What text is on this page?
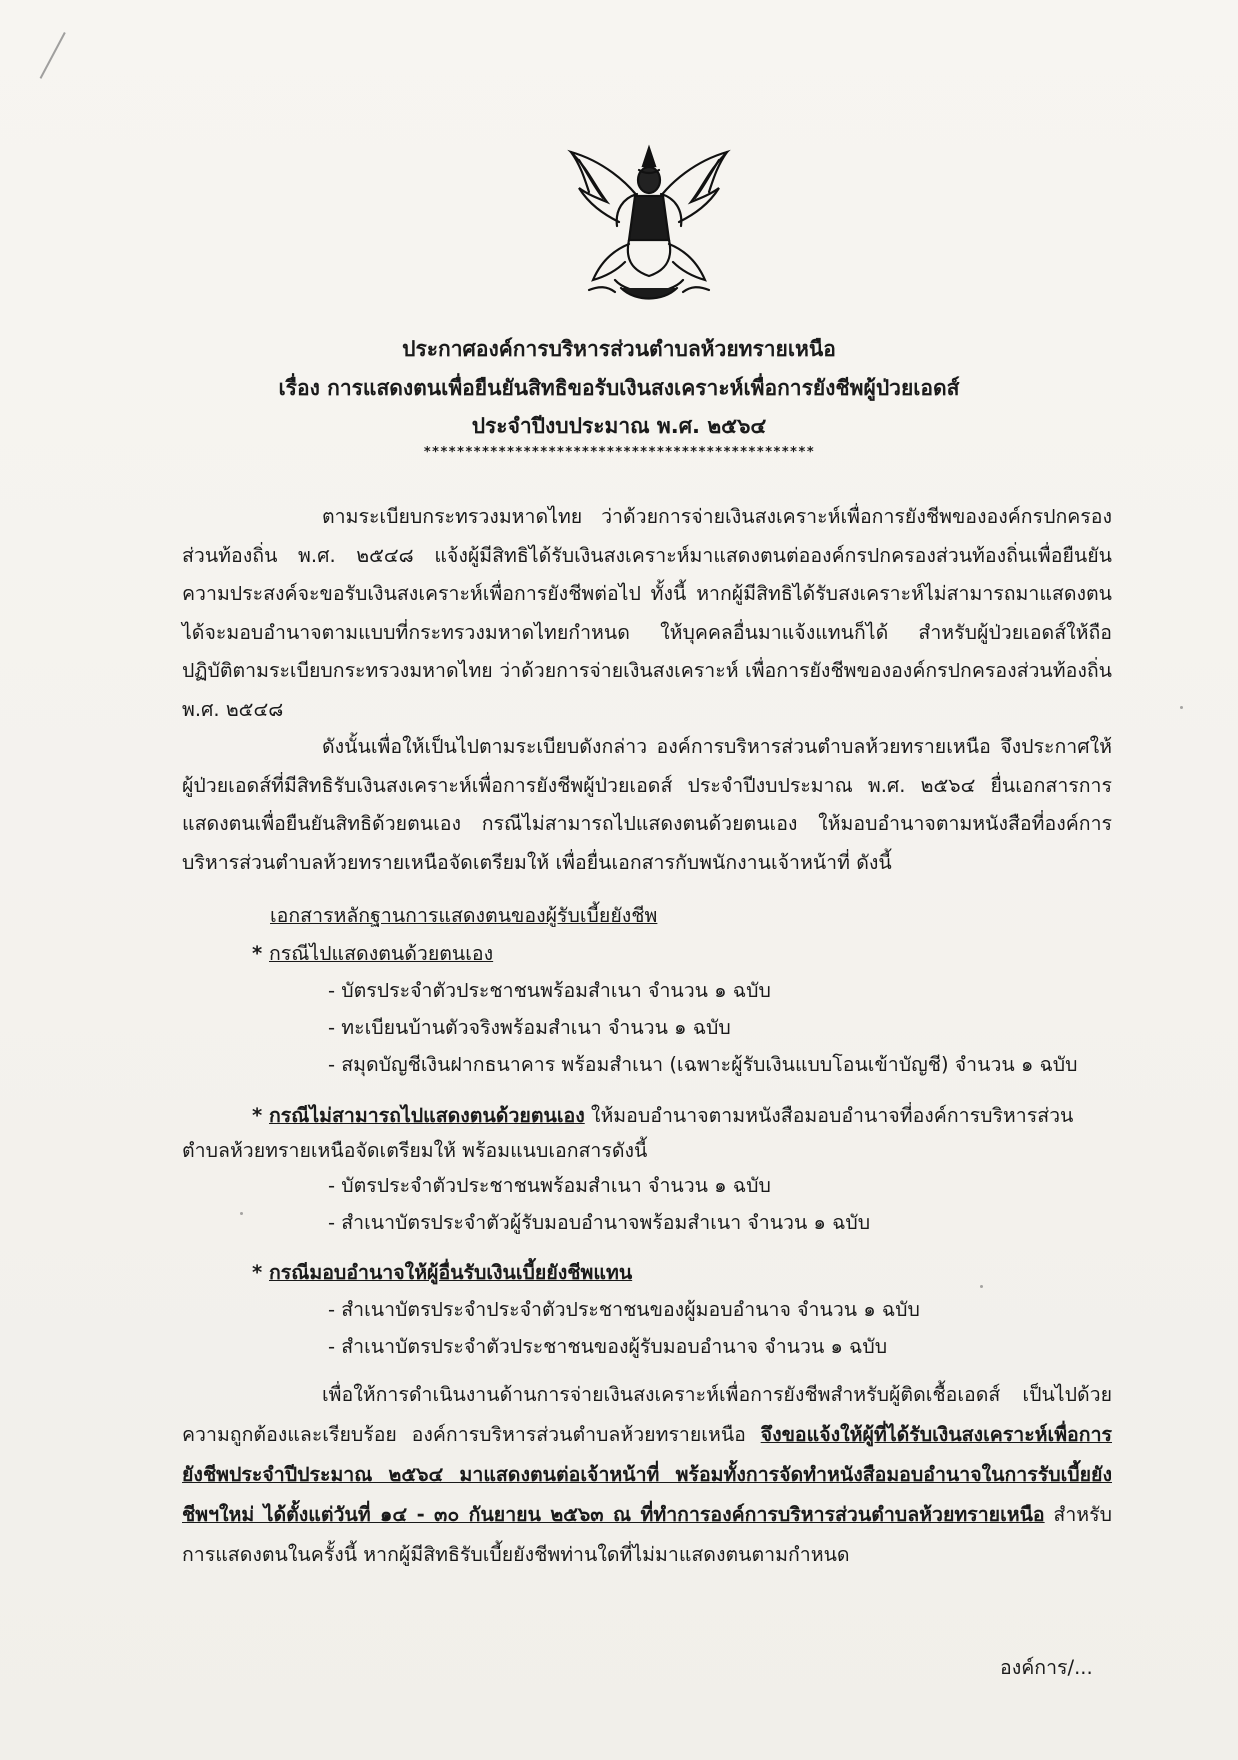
ประกาศองค์การบริหารส่วนตำบลห้วยทรายเหนือ
เรื่อง การแสดงตนเพื่อยืนยันสิทธิขอรับเงินสงเคราะห์เพื่อการยังชีพผู้ป่วยเอดส์
ประจำปีงบประมาณ พ.ศ. ๒๕๖๔
***********************************************
ตามระเบียบกระทรวงมหาดไทย ว่าด้วยการจ่ายเงินสงเคราะห์เพื่อการยังชีพขององค์กรปกครองส่วนท้องถิ่น พ.ศ. ๒๕๔๘ แจ้งผู้มีสิทธิได้รับเงินสงเคราะห์มาแสดงตนต่อองค์กรปกครองส่วนท้องถิ่นเพื่อยืนยันความประสงค์จะขอรับเงินสงเคราะห์เพื่อการยังชีพต่อไป ทั้งนี้ หากผู้มีสิทธิได้รับสงเคราะห์ไม่สามารถมาแสดงตนได้จะมอบอำนาจตามแบบที่กระทรวงมหาดไทยกำหนด ให้บุคคลอื่นมาแจ้งแทนก็ได้ สำหรับผู้ป่วยเอดส์ให้ถือปฏิบัติตามระเบียบกระทรวงมหาดไทย ว่าด้วยการจ่ายเงินสงเคราะห์ เพื่อการยังชีพขององค์กรปกครองส่วนท้องถิ่น พ.ศ. ๒๕๔๘
ดังนั้นเพื่อให้เป็นไปตามระเบียบดังกล่าว องค์การบริหารส่วนตำบลห้วยทรายเหนือ จึงประกาศให้ผู้ป่วยเอดส์ที่มีสิทธิรับเงินสงเคราะห์เพื่อการยังชีพผู้ป่วยเอดส์ ประจำปีงบประมาณ พ.ศ. ๒๕๖๔ ยื่นเอกสารการแสดงตนเพื่อยืนยันสิทธิด้วยตนเอง กรณีไม่สามารถไปแสดงตนด้วยตนเอง ให้มอบอำนาจตามหนังสือที่องค์การบริหารส่วนตำบลห้วยทรายเหนือจัดเตรียมให้ เพื่อยื่นเอกสารกับพนักงานเจ้าหน้าที่ ดังนี้
เอกสารหลักฐานการแสดงตนของผู้รับเบี้ยยังชีพ
* กรณีไปแสดงตนด้วยตนเอง
- บัตรประจำตัวประชาชนพร้อมสำเนา จำนวน ๑ ฉบับ
- ทะเบียนบ้านตัวจริงพร้อมสำเนา จำนวน ๑ ฉบับ
- สมุดบัญชีเงินฝากธนาคาร พร้อมสำเนา (เฉพาะผู้รับเงินแบบโอนเข้าบัญชี) จำนวน ๑ ฉบับ
* กรณีไม่สามารถไปแสดงตนด้วยตนเอง ให้มอบอำนาจตามหนังสือมอบอำนาจที่องค์การบริหารส่วน
ตำบลห้วยทรายเหนือจัดเตรียมให้ พร้อมแนบเอกสารดังนี้
- บัตรประจำตัวประชาชนพร้อมสำเนา จำนวน ๑ ฉบับ
- สำเนาบัตรประจำตัวผู้รับมอบอำนาจพร้อมสำเนา จำนวน ๑ ฉบับ
* กรณีมอบอำนาจให้ผู้อื่นรับเงินเบี้ยยังชีพแทน
- สำเนาบัตรประจำประจำตัวประชาชนของผู้มอบอำนาจ จำนวน ๑ ฉบับ
- สำเนาบัตรประจำตัวประชาชนของผู้รับมอบอำนาจ จำนวน ๑ ฉบับ
เพื่อให้การดำเนินงานด้านการจ่ายเงินสงเคราะห์เพื่อการยังชีพสำหรับผู้ติดเชื้อเอดส์ เป็นไปด้วยความถูกต้องและเรียบร้อย องค์การบริหารส่วนตำบลห้วยทรายเหนือ จึงขอแจ้งให้ผู้ที่ได้รับเงินสงเคราะห์เพื่อการยังชีพประจำปีประมาณ ๒๕๖๔ มาแสดงตนต่อเจ้าหน้าที่ พร้อมทั้งการจัดทำหนังสือมอบอำนาจในการรับเบี้ยยังชีพฯใหม่ ได้ตั้งแต่วันที่ ๑๔ - ๓๐ กันยายน ๒๕๖๓ ณ ที่ทำการองค์การบริหารส่วนตำบลห้วยทรายเหนือ สำหรับการแสดงตนในครั้งนี้ หากผู้มีสิทธิรับเบี้ยยังชีพท่านใดที่ไม่มาแสดงตนตามกำหนด
องค์การ/...
